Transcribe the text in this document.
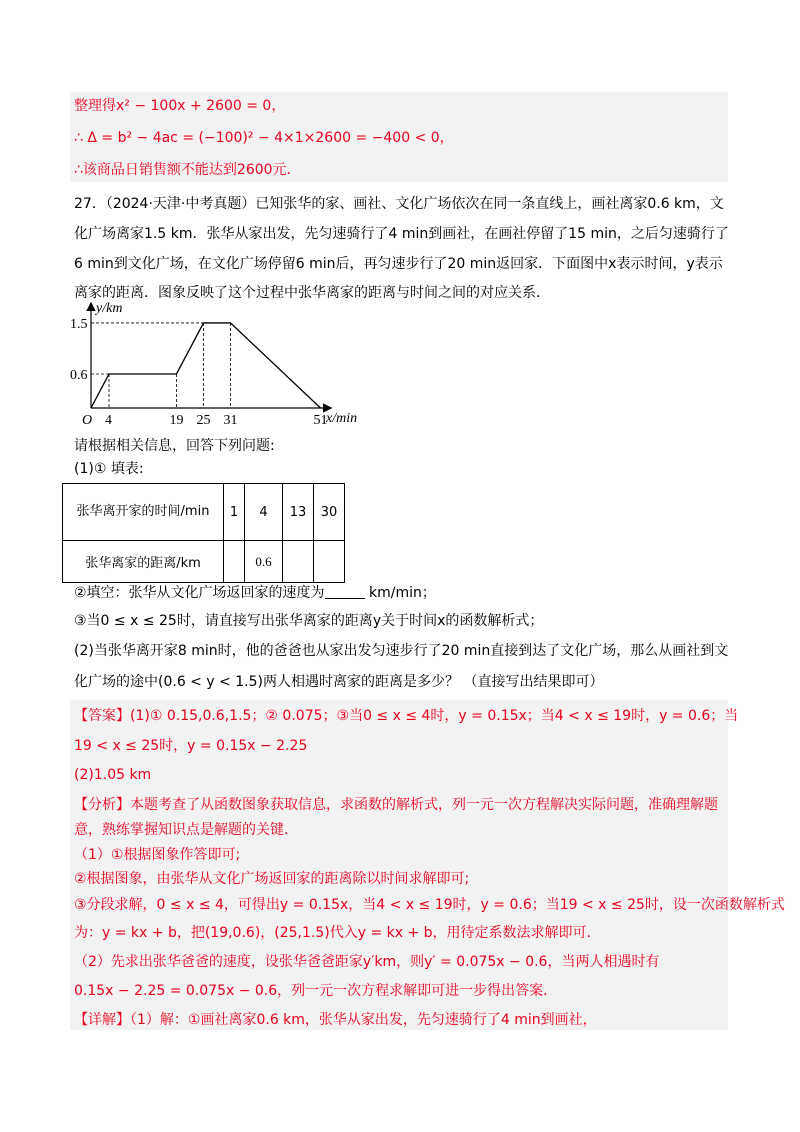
整理得x² − 100x + 2600 = 0，
∴ Δ = b² − 4ac = (−100)² − 4×1×2600 = −400 < 0，
∴该商品日销售额不能达到2600元．
27．（2024·天津·中考真题）已知张华的家、画社、文化广场依次在同一条直线上，画社离家0.6 km，文
化广场离家1.5 km．张华从家出发，先匀速骑行了4 min到画社，在画社停留了15 min，之后匀速骑行了
6 min到文化广场，在文化广场停留6 min后，再匀速步行了20 min返回家．下面图中x表示时间，y表示
离家的距离．图象反映了这个过程中张华离家的距离与时间之间的对应关系．
y/km
x/min
O 4	19 25 31	51
1.5
0.6
请根据相关信息，回答下列问题:
(1)① 填表:
张华离开家的时间/min	1	4	13	30
张华离家的距离/km		0.6		
②填空：张华从文化广场返回家的速度为	km/min；
③当0 ≤ x ≤ 25时，请直接写出张华离家的距离y关于时间x的函数解析式；
(2)当张华离开家8 min时，他的爸爸也从家出发匀速步行了20 min直接到达了文化广场，那么从画社到文
化广场的途中(0.6 < y < 1.5)两人相遇时离家的距离是多少？ （直接写出结果即可）
【答案】(1)① 0.15,0.6,1.5；② 0.075；③当0 ≤ x ≤ 4时，y = 0.15x；当4 < x ≤ 19时，y = 0.6；当
19 < x ≤ 25时，y = 0.15x − 2.25
(2)1.05 km
【分析】本题考查了从函数图象获取信息，求函数的解析式，列一元一次方程解决实际问题，准确理解题
意，熟练掌握知识点是解题的关键．
（1）①根据图象作答即可;
②根据图象，由张华从文化广场返回家的距离除以时间求解即可;
③分段求解，0 ≤ x ≤ 4，可得出y = 0.15x，当4 < x ≤ 19时，y = 0.6；当19 < x ≤ 25时，设一次函数解析式
为：y = kx + b，把(19,0.6)，(25,1.5)代入y = kx + b，用待定系数法求解即可.
（2）先求出张华爸爸的速度，设张华爸爸距家y′km，则y′ = 0.075x − 0.6，当两人相遇时有
0.15x − 2.25 = 0.075x − 0.6，列一元一次方程求解即可进一步得出答案．
【详解】（1）解：①画社离家0.6 km，张华从家出发，先匀速骑行了4 min到画社，
